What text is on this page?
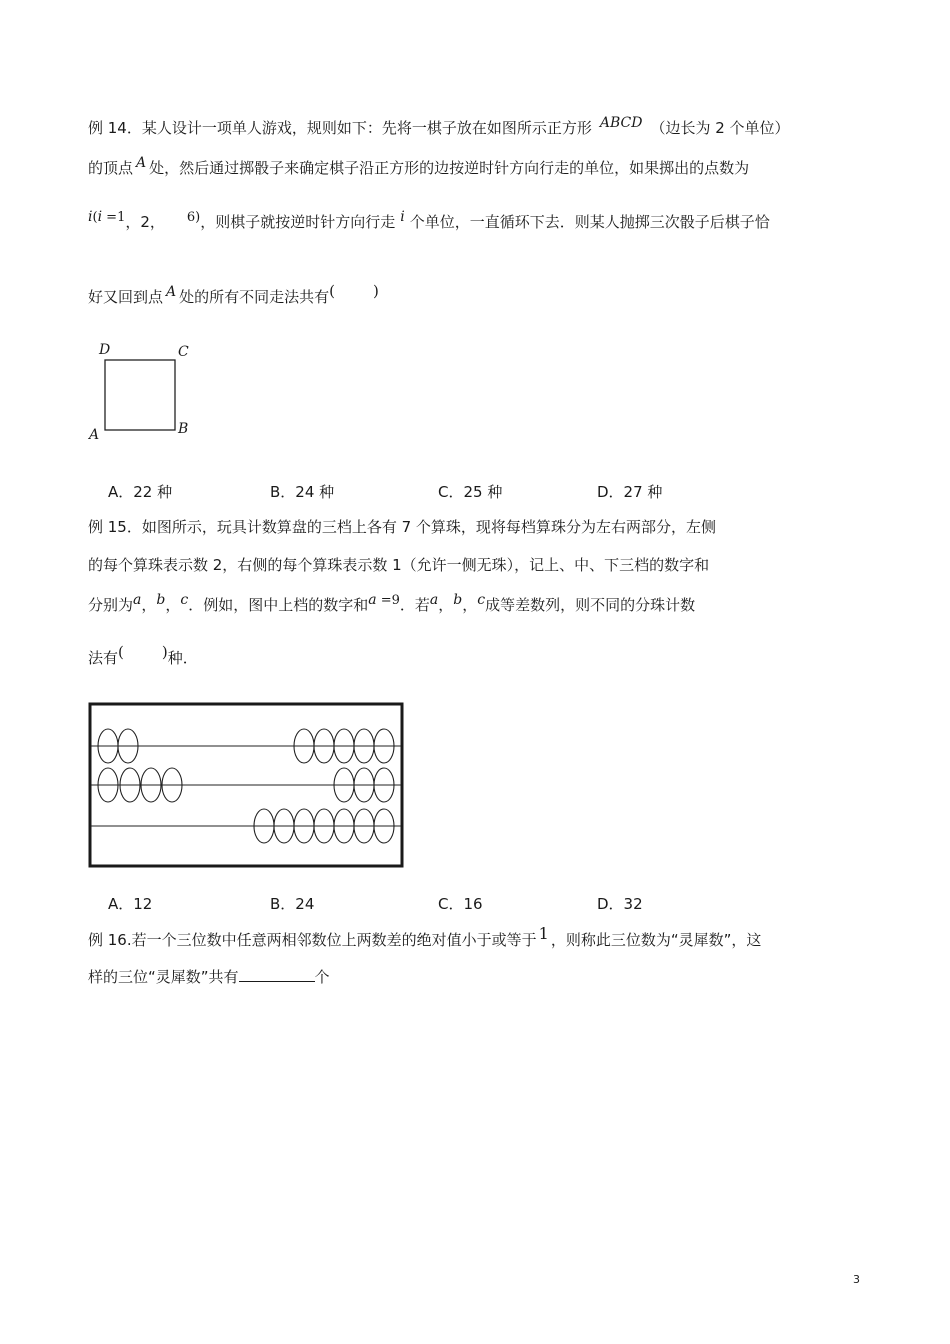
例 14．某人设计一项单人游戏，规则如下：先将一棋子放在如图所示正方形 ABCD （边长为 2 个单位）
的顶点 A 处，然后通过掷骰子来确定棋子沿正方形的边按逆时针方向行走的单位，如果掷出的点数为
i(i =1，2， 6)，则棋子就按逆时针方向行走 i 个单位，一直循环下去．则某人抛掷三次骰子后棋子恰
好又回到点 A 处的所有不同走法共有(	)
D	C
A	B
A．22 种	B．24 种	C．25 种	D．27 种
例 15．如图所示，玩具计数算盘的三档上各有 7 个算珠，现将每档算珠分为左右两部分，左侧
的每个算珠表示数 2，右侧的每个算珠表示数 1（允许一侧无珠），记上、中、下三档的数字和
分别为a，b，c．例如，图中上档的数字和a =9．若a，b，c成等差数列，则不同的分珠计数
法有(	)种．
A．12	B．24	C．16	D．32
例 16.若一个三位数中任意两相邻数位上两数差的绝对值小于或等于 1 ，则称此三位数为“灵犀数”，这
样的三位“灵犀数”共有	个
3
